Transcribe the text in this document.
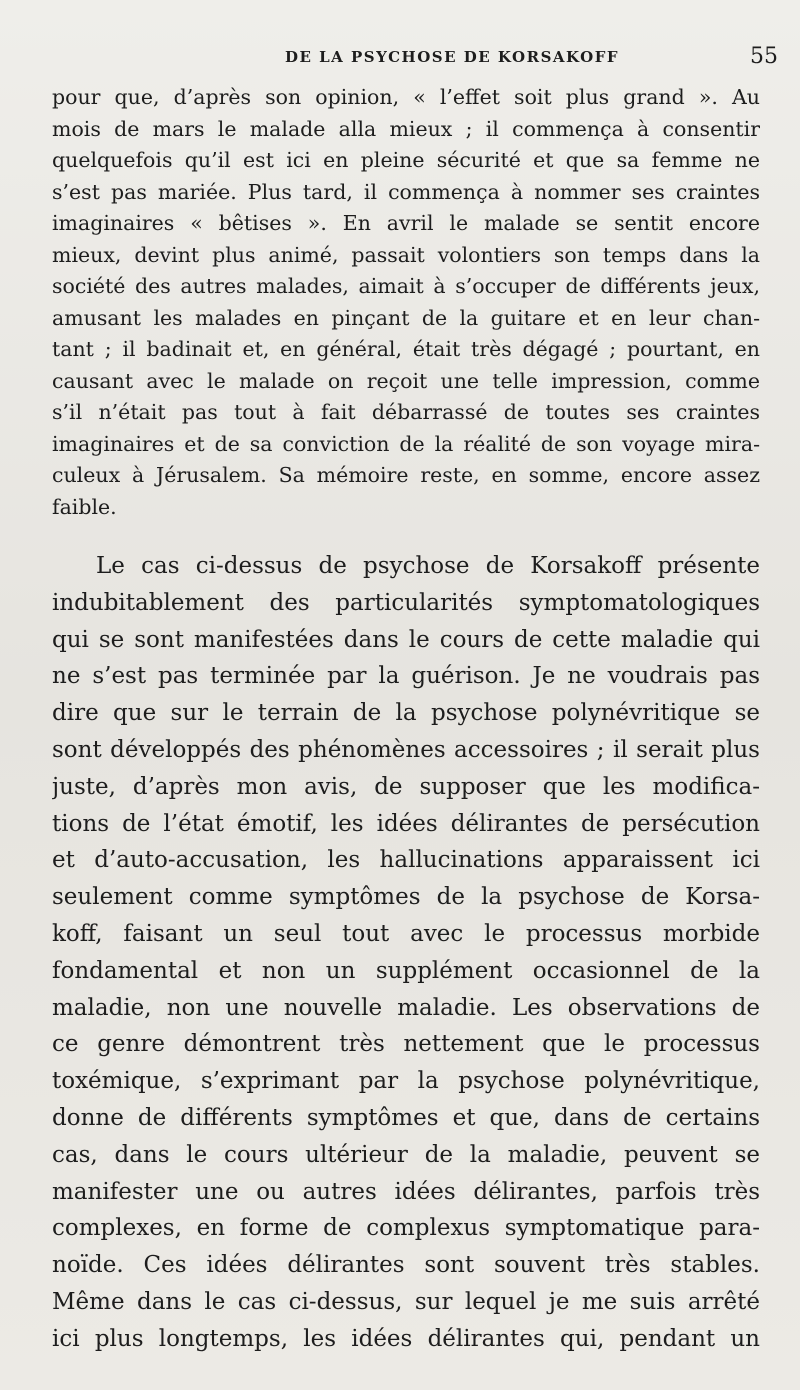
DE LA PSYCHOSE DE KORSAKOFF	55
pour que, d’après son opinion, « l’effet soit plus grand ». Au
mois de mars le malade alla mieux ; il commença à consentir
quelquefois qu’il est ici en pleine sécurité et que sa femme ne
s’est pas mariée. Plus tard, il commença à nommer ses craintes
imaginaires « bêtises ». En avril le malade se sentit encore
mieux, devint plus animé, passait volontiers son temps dans la
société des autres malades, aimait à s’occuper de différents jeux,
amusant les malades en pinçant de la guitare et en leur chan-
tant ; il badinait et, en général, était très dégagé ; pourtant, en
causant avec le malade on reçoit une telle impression, comme
s’il n’était pas tout à fait débarrassé de toutes ses craintes
imaginaires et de sa conviction de la réalité de son voyage mira-
culeux à Jérusalem. Sa mémoire reste, en somme, encore assez
faible.
Le cas ci-dessus de psychose de Korsakoff présente
indubitablement des particularités symptomatologiques
qui se sont manifestées dans le cours de cette maladie qui
ne s’est pas terminée par la guérison. Je ne voudrais pas
dire que sur le terrain de la psychose polynévritique se
sont développés des phénomènes accessoires ; il serait plus
juste, d’après mon avis, de supposer que les modifica-
tions de l’état émotif, les idées délirantes de persécution
et d’auto-accusation, les hallucinations apparaissent ici
seulement comme symptômes de la psychose de Korsa-
koff, faisant un seul tout avec le processus morbide
fondamental et non un supplément occasionnel de la
maladie, non une nouvelle maladie. Les observations de
ce genre démontrent très nettement que le processus
toxémique, s’exprimant par la psychose polynévritique,
donne de différents symptômes et que, dans de certains
cas, dans le cours ultérieur de la maladie, peuvent se
manifester une ou autres idées délirantes, parfois très
complexes, en forme de complexus symptomatique para-
noïde. Ces idées délirantes sont souvent très stables.
Même dans le cas ci-dessus, sur lequel je me suis arrêté
ici plus longtemps, les idées délirantes qui, pendant un
